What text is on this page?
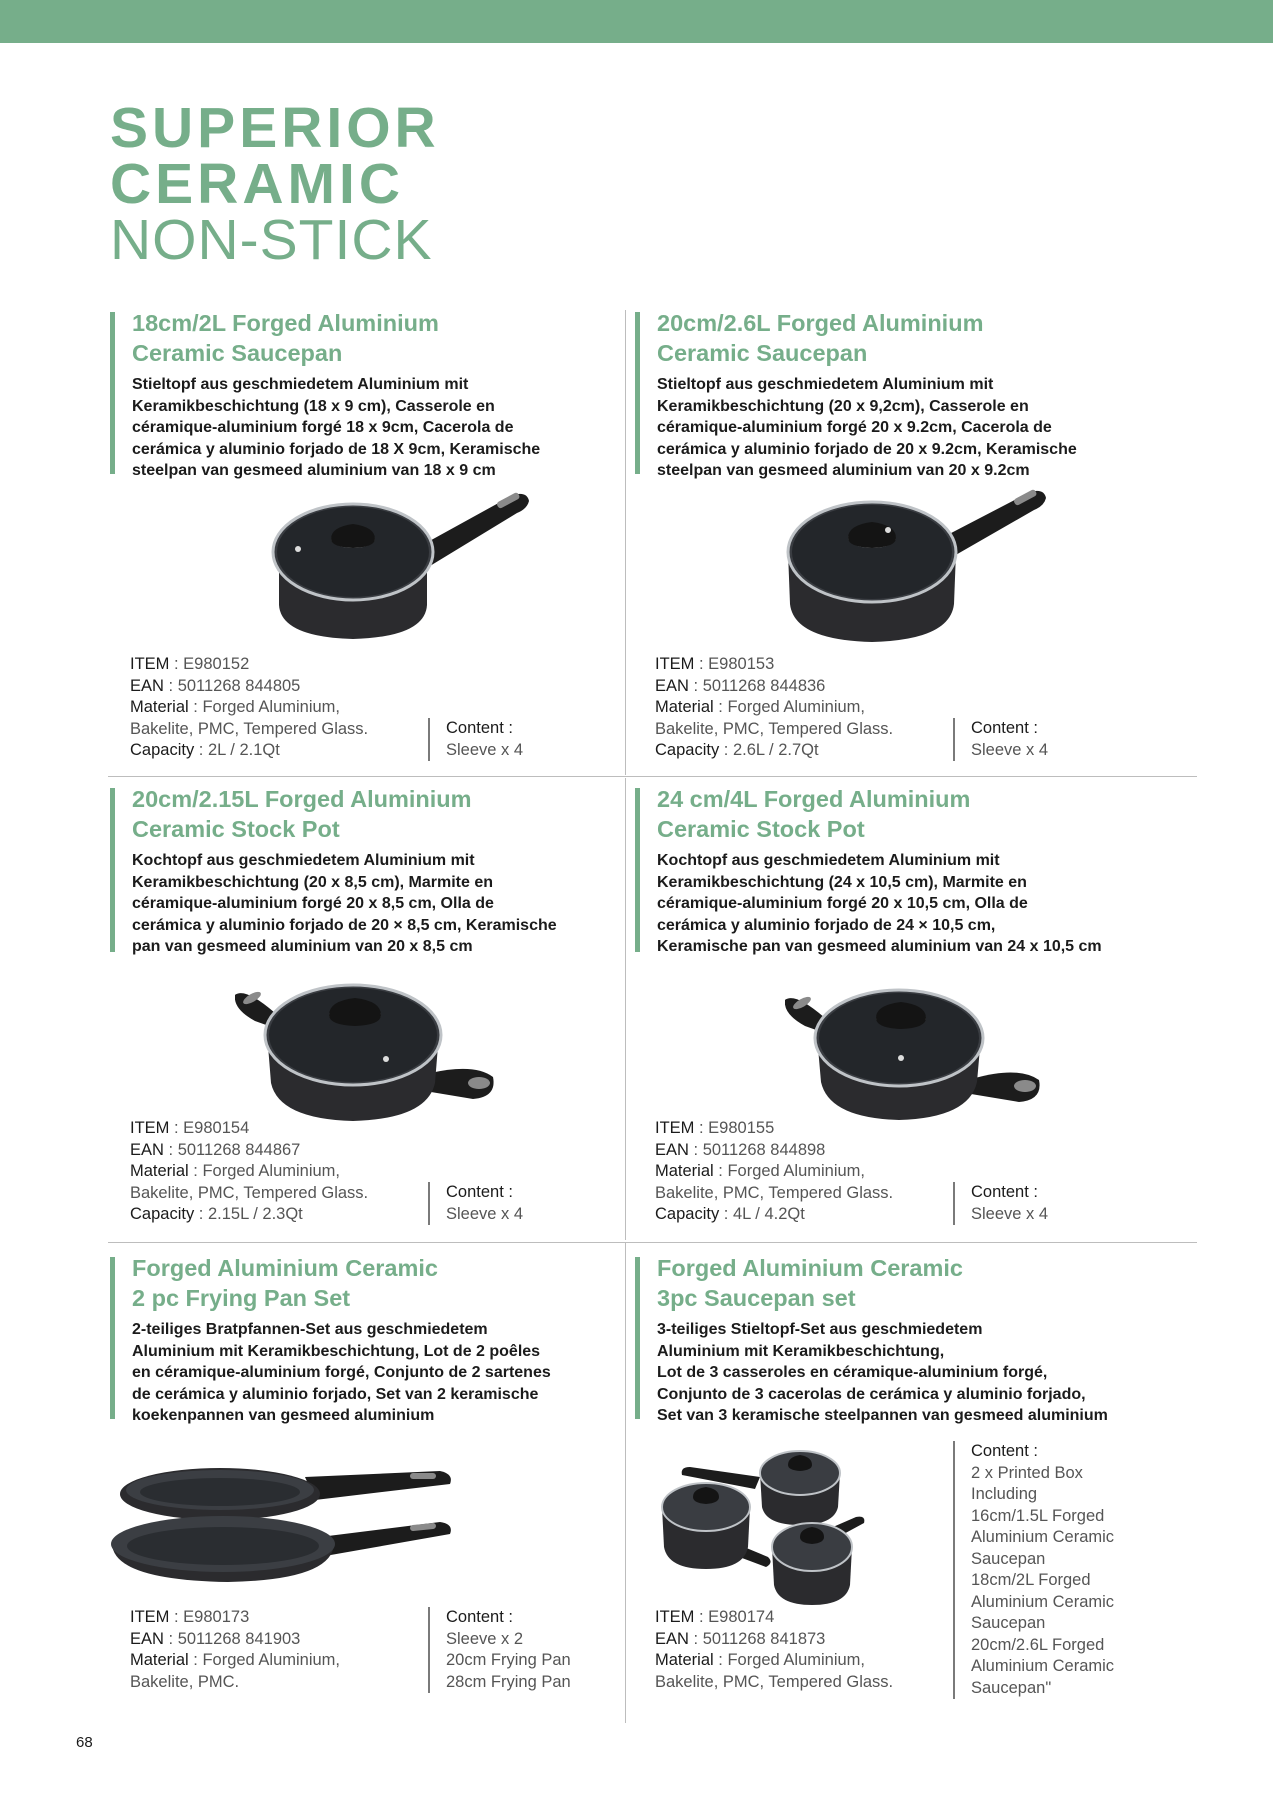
SUPERIOR
CERAMIC
NON-STICK
18cm/2L Forged Aluminium
Ceramic Saucepan
Stieltopf aus geschmiedetem Aluminium mit
Keramikbeschichtung (18 x 9 cm), Casserole en
céramique-aluminium forgé 18 x 9cm, Cacerola de
cerámica y aluminio forjado de 18 X 9cm, Keramische
steelpan van gesmeed aluminium van 18 x 9 cm
ITEM : E980152
EAN : 5011268 844805
Material : Forged Aluminium,
Bakelite, PMC, Tempered Glass.
Capacity : 2L / 2.1Qt
Content :
Sleeve x 4
20cm/2.6L Forged Aluminium
Ceramic Saucepan
Stieltopf aus geschmiedetem Aluminium mit
Keramikbeschichtung (20 x 9,2cm), Casserole en
céramique-aluminium forgé 20 x 9.2cm, Cacerola de
cerámica y aluminio forjado de 20 x 9.2cm, Keramische
steelpan van gesmeed aluminium van 20 x 9.2cm
ITEM : E980153
EAN : 5011268 844836
Material : Forged Aluminium,
Bakelite, PMC, Tempered Glass.
Capacity : 2.6L / 2.7Qt
Content :
Sleeve x 4
20cm/2.15L Forged Aluminium
Ceramic Stock Pot
Kochtopf aus geschmiedetem Aluminium mit
Keramikbeschichtung (20 x 8,5 cm), Marmite en
céramique-aluminium forgé 20 x 8,5 cm, Olla de
cerámica y aluminio forjado de 20 × 8,5 cm, Keramische
pan van gesmeed aluminium van 20 x 8,5 cm
ITEM : E980154
EAN : 5011268 844867
Material : Forged Aluminium,
Bakelite, PMC, Tempered Glass.
Capacity : 2.15L / 2.3Qt
Content :
Sleeve x 4
24 cm/4L Forged Aluminium
Ceramic Stock Pot
Kochtopf aus geschmiedetem Aluminium mit
Keramikbeschichtung (24 x 10,5 cm), Marmite en
céramique-aluminium forgé 20 x 10,5 cm, Olla de
cerámica y aluminio forjado de 24 × 10,5 cm,
Keramische pan van gesmeed aluminium van 24 x 10,5 cm
ITEM : E980155
EAN : 5011268 844898
Material : Forged Aluminium,
Bakelite, PMC, Tempered Glass.
Capacity : 4L / 4.2Qt
Content :
Sleeve x 4
Forged Aluminium Ceramic
2 pc Frying Pan Set
2-teiliges Bratpfannen-Set aus geschmiedetem
Aluminium mit Keramikbeschichtung, Lot de 2 poêles
en céramique-aluminium forgé, Conjunto de 2 sartenes
de cerámica y aluminio forjado, Set van 2 keramische
koekenpannen van gesmeed aluminium
ITEM : E980173
EAN : 5011268 841903
Material : Forged Aluminium,
Bakelite, PMC.
Content :
Sleeve x 2
20cm Frying Pan
28cm Frying Pan
Forged Aluminium Ceramic
3pc Saucepan set
3-teiliges Stieltopf-Set aus geschmiedetem
Aluminium mit Keramikbeschichtung,
Lot de 3 casseroles en céramique-aluminium forgé,
Conjunto de 3 cacerolas de cerámica y aluminio forjado,
Set van 3 keramische steelpannen van gesmeed aluminium
ITEM : E980174
EAN : 5011268 841873
Material : Forged Aluminium,
Bakelite, PMC, Tempered Glass.
Content :
2 x Printed Box
Including
16cm/1.5L Forged
Aluminium Ceramic
Saucepan
18cm/2L Forged
Aluminium Ceramic
Saucepan
20cm/2.6L Forged
Aluminium Ceramic
Saucepan"
68
